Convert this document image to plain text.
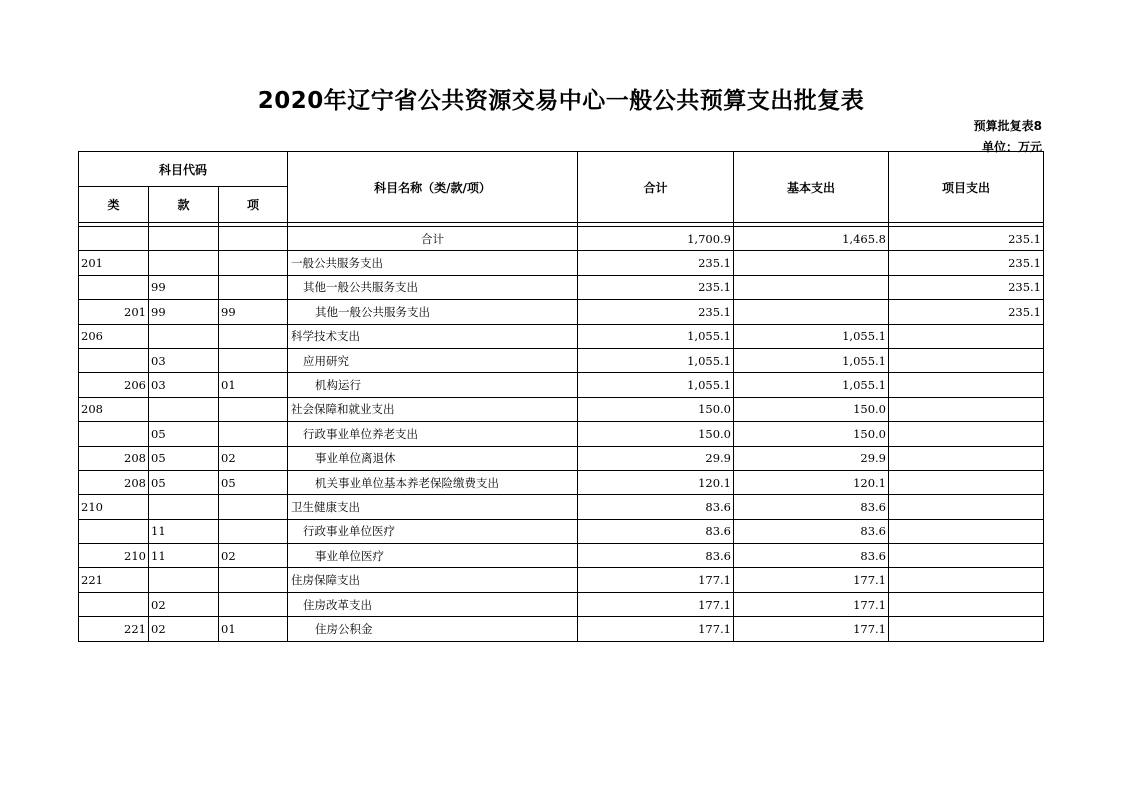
2020年辽宁省公共资源交易中心一般公共预算支出批复表
预算批复表8
单位：万元
科目代码			科目名称（类/款/项）	合计	基本支出	项目支出
类	款	项				

			合计	1,700.9	1,465.8	235.1
201			一般公共服务支出	235.1		235.1
	99		其他一般公共服务支出	235.1		235.1
201	99	99	其他一般公共服务支出	235.1		235.1
206			科学技术支出	1,055.1	1,055.1	
	03		应用研究	1,055.1	1,055.1	
206	03	01	机构运行	1,055.1	1,055.1	
208			社会保障和就业支出	150.0	150.0	
	05		行政事业单位养老支出	150.0	150.0	
208	05	02	事业单位离退休	29.9	29.9	
208	05	05	机关事业单位基本养老保险缴费支出	120.1	120.1	
210			卫生健康支出	83.6	83.6	
	11		行政事业单位医疗	83.6	83.6	
210	11	02	事业单位医疗	83.6	83.6	
221			住房保障支出	177.1	177.1	
	02		住房改革支出	177.1	177.1	
221	02	01	住房公积金	177.1	177.1	
